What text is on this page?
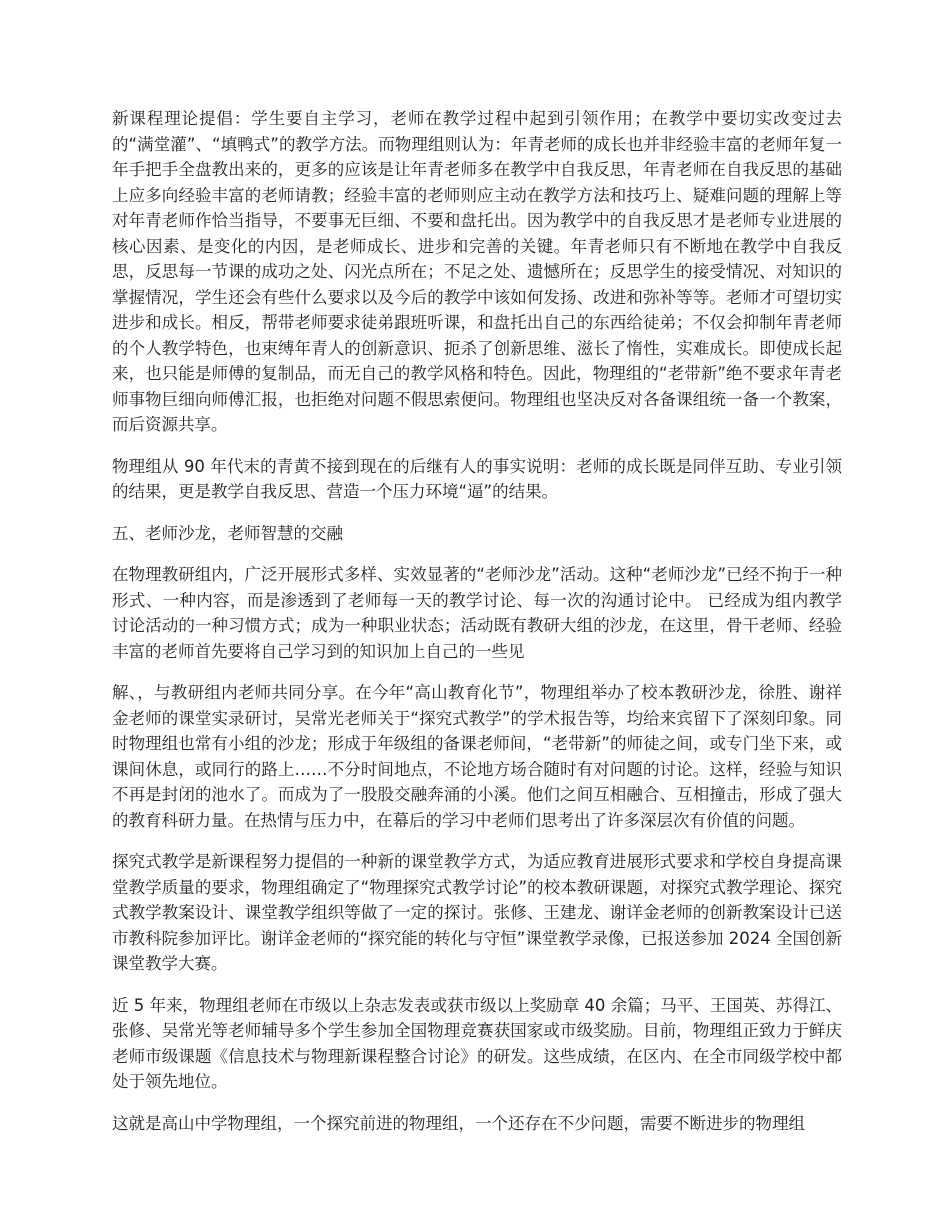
新课程理论提倡：学生要自主学习，老师在教学过程中起到引领作用；在教学中要切实改变过去的“满堂灌”、“填鸭式”的教学方法。而物理组则认为：年青老师的成长也并非经验丰富的老师年复一年手把手全盘教出来的，更多的应该是让年青老师多在教学中自我反思，年青老师在自我反思的基础上应多向经验丰富的老师请教；经验丰富的老师则应主动在教学方法和技巧上、疑难问题的理解上等对年青老师作恰当指导，不要事无巨细、不要和盘托出。因为教学中的自我反思才是老师专业进展的核心因素、是变化的内因，是老师成长、进步和完善的关键。年青老师只有不断地在教学中自我反思，反思每一节课的成功之处、闪光点所在；不足之处、遗憾所在；反思学生的接受情况、对知识的掌握情况，学生还会有些什么要求以及今后的教学中该如何发扬、改进和弥补等等。老师才可望切实进步和成长。相反，帮带老师要求徒弟跟班听课，和盘托出自己的东西给徒弟；不仅会抑制年青老师的个人教学特色，也束缚年青人的创新意识、扼杀了创新思维、滋长了惰性，实难成长。即使成长起来，也只能是师傅的复制品，而无自己的教学风格和特色。因此，物理组的“老带新”绝不要求年青老师事物巨细向师傅汇报，也拒绝对问题不假思索便问。物理组也坚决反对各备课组统一备一个教案，而后资源共享。

物理组从 90 年代末的青黄不接到现在的后继有人的事实说明：老师的成长既是同伴互助、专业引领的结果，更是教学自我反思、营造一个压力环境“逼”的结果。

五、老师沙龙，老师智慧的交融

在物理教研组内，广泛开展形式多样、实效显著的“老师沙龙”活动。这种“老师沙龙”已经不拘于一种形式、一种内容，而是渗透到了老师每一天的教学讨论、每一次的沟通讨论中。 已经成为组内教学讨论活动的一种习惯方式；成为一种职业状态；活动既有教研大组的沙龙，在这里，骨干老师、经验丰富的老师首先要将自己学习到的知识加上自己的一些见

解、，与教研组内老师共同分享。在今年“高山教育化节”，物理组举办了校本教研沙龙，徐胜、谢祥金老师的课堂实录研讨，吴常光老师关于“探究式教学”的学术报告等，均给来宾留下了深刻印象。同时物理组也常有小组的沙龙；形成于年级组的备课老师间，“老带新”的师徒之间，或专门坐下来，或课间休息，或同行的路上……不分时间地点，不论地方场合随时有对问题的讨论。这样，经验与知识不再是封闭的池水了。而成为了一股股交融奔涌的小溪。他们之间互相融合、互相撞击，形成了强大的教育科研力量。在热情与压力中，在幕后的学习中老师们思考出了许多深层次有价值的问题。

探究式教学是新课程努力提倡的一种新的课堂教学方式，为适应教育进展形式要求和学校自身提高课堂教学质量的要求，物理组确定了“物理探究式教学讨论”的校本教研课题，对探究式教学理论、探究式教学教案设计、课堂教学组织等做了一定的探讨。张修、王建龙、谢详金老师的创新教案设计已送市教科院参加评比。谢详金老师的“探究能的转化与守恒”课堂教学录像，已报送参加 2024 全国创新课堂教学大赛。

近 5 年来，物理组老师在市级以上杂志发表或获市级以上奖励章 40 余篇；马平、王国英、苏得江、张修、吴常光等老师辅导多个学生参加全国物理竞赛获国家或市级奖励。目前，物理组正致力于鲜庆老师市级课题《信息技术与物理新课程整合讨论》的研发。这些成绩，在区内、在全市同级学校中都处于领先地位。

这就是高山中学物理组，一个探究前进的物理组，一个还存在不少问题，需要不断进步的物理组
